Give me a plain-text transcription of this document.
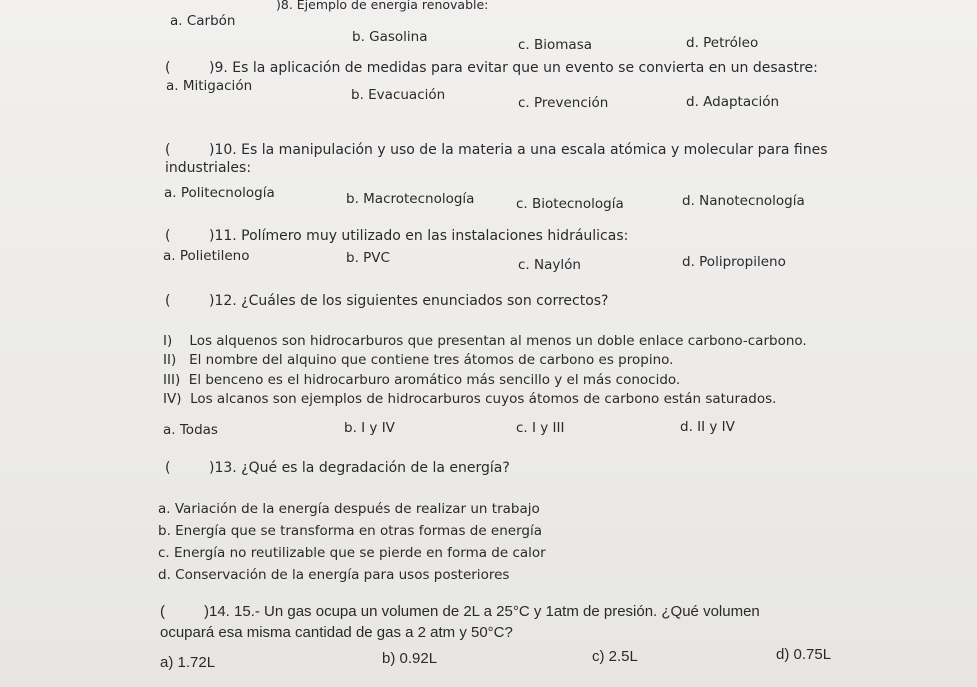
)8. Ejemplo de energía renovable:
a. Carbón
b. Gasolina	c. Biomasa	d. Petróleo
(	)9. Es la aplicación de medidas para evitar que un evento se convierta en un desastre:
a. Mitigación
b. Evacuación	c. Prevención	d. Adaptación
(	)10. Es la manipulación y uso de la materia a una escala atómica y molecular para fines
industriales:
a. Politecnología	b. Macrotecnología	c. Biotecnología	d. Nanotecnología
(	)11. Polímero muy utilizado en las instalaciones hidráulicas:
a. Polietileno	b. PVC	c. Naylón	d. Polipropileno
(	)12. ¿Cuáles de los siguientes enunciados son correctos?
I)    Los alquenos son hidrocarburos que presentan al menos un doble enlace carbono-carbono.
II)   El nombre del alquino que contiene tres átomos de carbono es propino.
III)  El benceno es el hidrocarburo aromático más sencillo y el más conocido.
IV)  Los alcanos son ejemplos de hidrocarburos cuyos átomos de carbono están saturados.
a. Todas	b. I y IV	c. I y III	d. II y IV
(	)13. ¿Qué es la degradación de la energía?
a. Variación de la energía después de realizar un trabajo
b. Energía que se transforma en otras formas de energía
c. Energía no reutilizable que se pierde en forma de calor
d. Conservación de la energía para usos posteriores
(	)14. 15.- Un gas ocupa un volumen de 2L a 25°C y 1atm de presión. ¿Qué volumen
ocupará esa misma cantidad de gas a 2 atm y 50°C?
a) 1.72L	b) 0.92L	c) 2.5L	d) 0.75L
